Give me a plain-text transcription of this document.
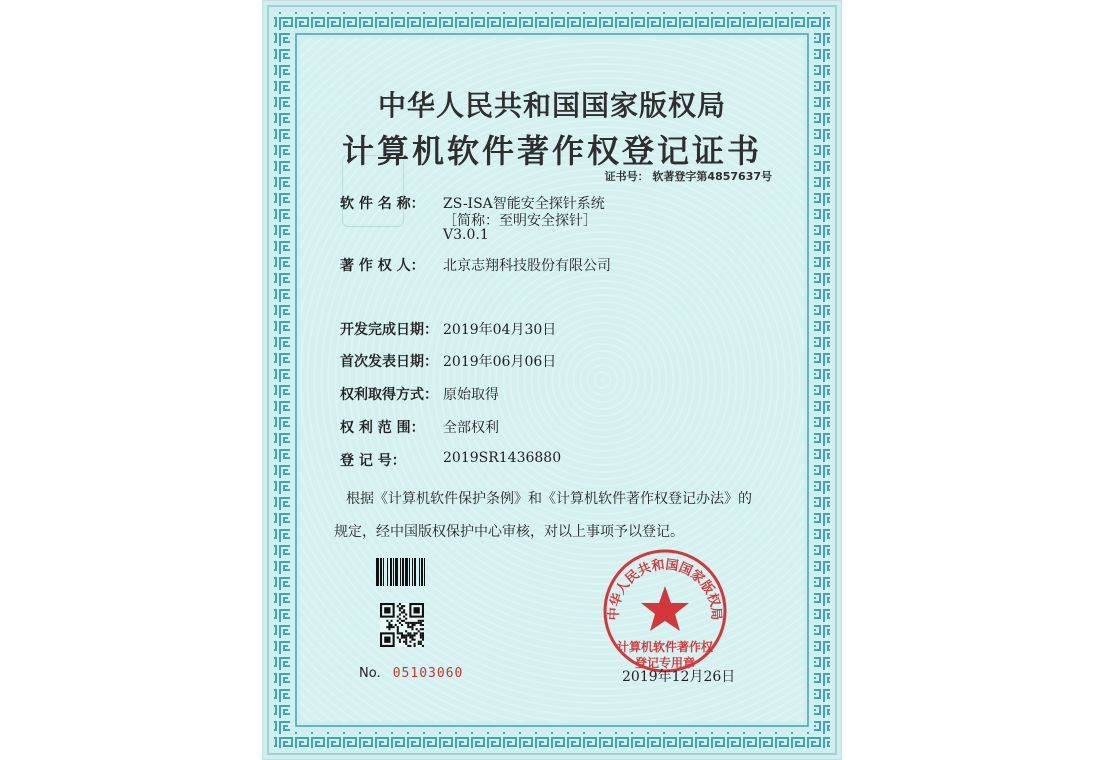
中华人民共和国国家版权局
计算机软件著作权登记证书
证书号： 软著登字第4857637号
软 件 名 称： ZS-ISA智能安全探针系统
［简称：至明安全探针］
V3.0.1
著 作 权 人： 北京志翔科技股份有限公司
开发完成日期： 2019年04月30日
首次发表日期： 2019年06月06日
权利取得方式： 原始取得
权 利 范 围： 全部权利
登 记 号：	2019SR1436880
根据《计算机软件保护条例》和《计算机软件著作权登记办法》的
规定，经中国版权保护中心审核，对以上事项予以登记。
No. 05103060
中华人民共和国国家版权局
计算机软件著作权
登记专用章
2019年12月26日
